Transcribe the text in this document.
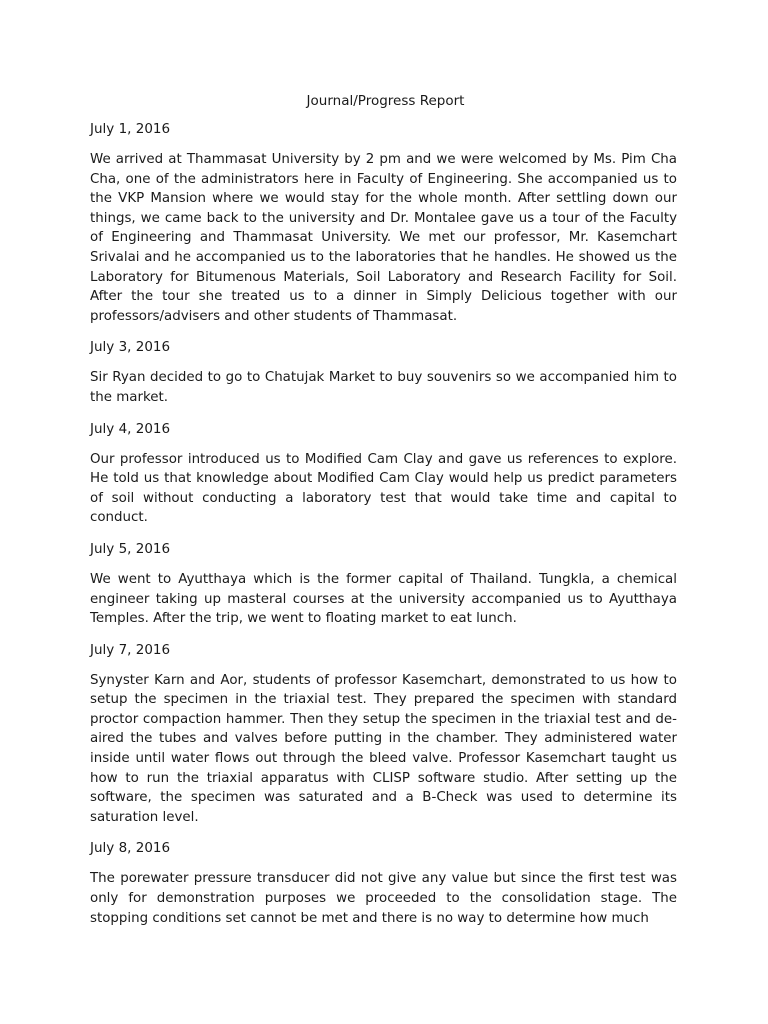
Journal/Progress Report
July 1, 2016
We arrived at Thammasat University by 2 pm and we were welcomed by Ms. Pim Cha Cha, one of the administrators here in Faculty of Engineering. She accompanied us to the VKP Mansion where we would stay for the whole month. After settling down our things, we came back to the university and Dr. Montalee gave us a tour of the Faculty of Engineering and Thammasat University. We met our professor, Mr. Kasemchart Srivalai and he accompanied us to the laboratories that he handles. He showed us the Laboratory for Bitumenous Materials, Soil Laboratory and Research Facility for Soil. After the tour she treated us to a dinner in Simply Delicious together with our professors/advisers and other students of Thammasat.
July 3, 2016
Sir Ryan decided to go to Chatujak Market to buy souvenirs so we accompanied him to the market.
July 4, 2016
Our professor introduced us to Modified Cam Clay and gave us references to explore. He told us that knowledge about Modified Cam Clay would help us predict parameters of soil without conducting a laboratory test that would take time and capital to conduct.
July 5, 2016
We went to Ayutthaya which is the former capital of Thailand. Tungkla, a chemical engineer taking up masteral courses at the university accompanied us to Ayutthaya Temples. After the trip, we went to floating market to eat lunch.
July 7, 2016
Synyster Karn and Aor, students of professor Kasemchart, demonstrated to us how to setup the specimen in the triaxial test. They prepared the specimen with standard proctor compaction hammer. Then they setup the specimen in the triaxial test and de-aired the tubes and valves before putting in the chamber. They administered water inside until water flows out through the bleed valve. Professor Kasemchart taught us how to run the triaxial apparatus with CLISP software studio. After setting up the software, the specimen was saturated and a B-Check was used to determine its saturation level.
July 8, 2016
The porewater pressure transducer did not give any value but since the first test was only for demonstration purposes we proceeded to the consolidation stage. The stopping conditions set cannot be met and there is no way to determine how much
